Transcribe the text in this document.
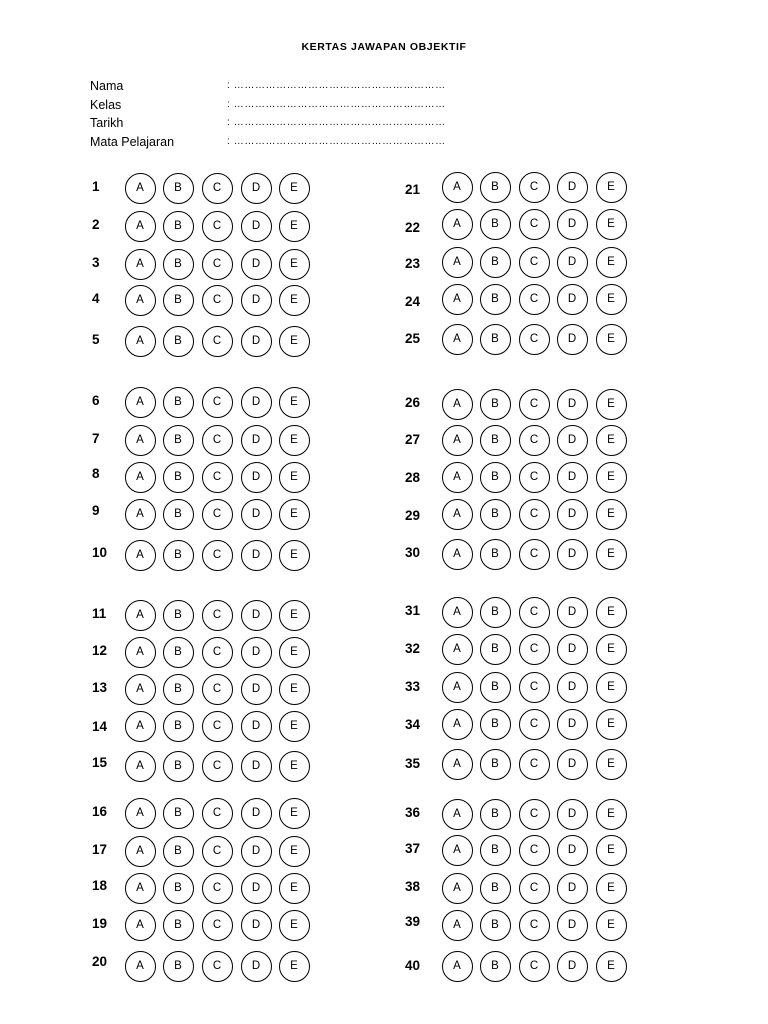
KERTAS JAWAPAN OBJEKTIF
Nama	: ……………………………………………………
Kelas	: ……………………………………………………
Tarikh	: ……………………………………………………
Mata Pelajaran	: ……………………………………………………
1	A	B	C	D	E
2	A	B	C	D	E
3	A	B	C	D	E
4	A	B	C	D	E
5	A	B	C	D	E
6	A	B	C	D	E
7	A	B	C	D	E
8	A	B	C	D	E
9	A	B	C	D	E
10	A	B	C	D	E
11	A	B	C	D	E
12	A	B	C	D	E
13	A	B	C	D	E
14	A	B	C	D	E
15	A	B	C	D	E
16	A	B	C	D	E
17	A	B	C	D	E
18	A	B	C	D	E
19	A	B	C	D	E
20	A	B	C	D	E
21	A	B	C	D	E
22	A	B	C	D	E
23	A	B	C	D	E
24	A	B	C	D	E
25	A	B	C	D	E
26	A	B	C	D	E
27	A	B	C	D	E
28	A	B	C	D	E
29	A	B	C	D	E
30	A	B	C	D	E
31	A	B	C	D	E
32	A	B	C	D	E
33	A	B	C	D	E
34	A	B	C	D	E
35	A	B	C	D	E
36	A	B	C	D	E
37	A	B	C	D	E
38	A	B	C	D	E
39	A	B	C	D	E
40	A	B	C	D	E
